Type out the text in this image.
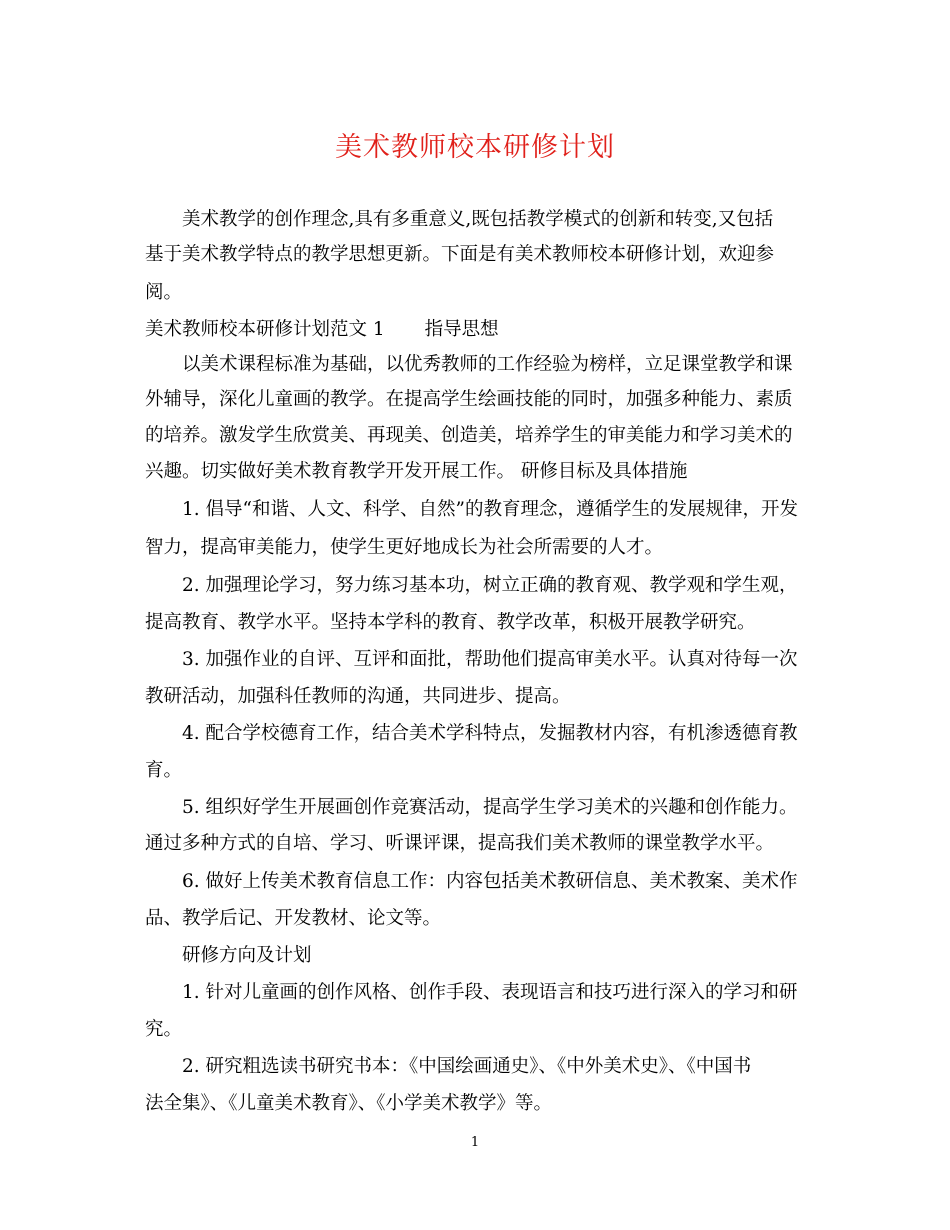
美术教师校本研修计划
美术教学的创作理念,具有多重意义,既包括教学模式的创新和转变,又包括
基于美术教学特点的教学思想更新。下面是有美术教师校本研修计划，欢迎参
阅。
美术教师校本研修计划范文 1 指导思想
以美术课程标准为基础，以优秀教师的工作经验为榜样，立足课堂教学和课
外辅导，深化儿童画的教学。在提高学生绘画技能的同时，加强多种能力、素质
的培养。激发学生欣赏美、再现美、创造美，培养学生的审美能力和学习美术的
兴趣。切实做好美术教育教学开发开展工作。 研修目标及具体措施
1. 倡导“和谐、人文、科学、自然”的教育理念，遵循学生的发展规律，开发
智力，提高审美能力，使学生更好地成长为社会所需要的人才。
2. 加强理论学习，努力练习基本功，树立正确的教育观、教学观和学生观，
提高教育、教学水平。坚持本学科的教育、教学改革，积极开展教学研究。
3. 加强作业的自评、互评和面批，帮助他们提高审美水平。认真对待每一次
教研活动，加强科任教师的沟通，共同进步、提高。
4. 配合学校德育工作，结合美术学科特点，发掘教材内容，有机渗透德育教
育。
5. 组织好学生开展画创作竞赛活动，提高学生学习美术的兴趣和创作能力。
通过多种方式的自培、学习、听课评课，提高我们美术教师的课堂教学水平。
6. 做好上传美术教育信息工作：内容包括美术教研信息、美术教案、美术作
品、教学后记、开发教材、论文等。
研修方向及计划
1. 针对儿童画的创作风格、创作手段、表现语言和技巧进行深入的学习和研
究。
2. 研究粗选读书研究书本：《中国绘画通史》、《中外美术史》、《中国书
法全集》、《儿童美术教育》、《小学美术教学》等。
1
